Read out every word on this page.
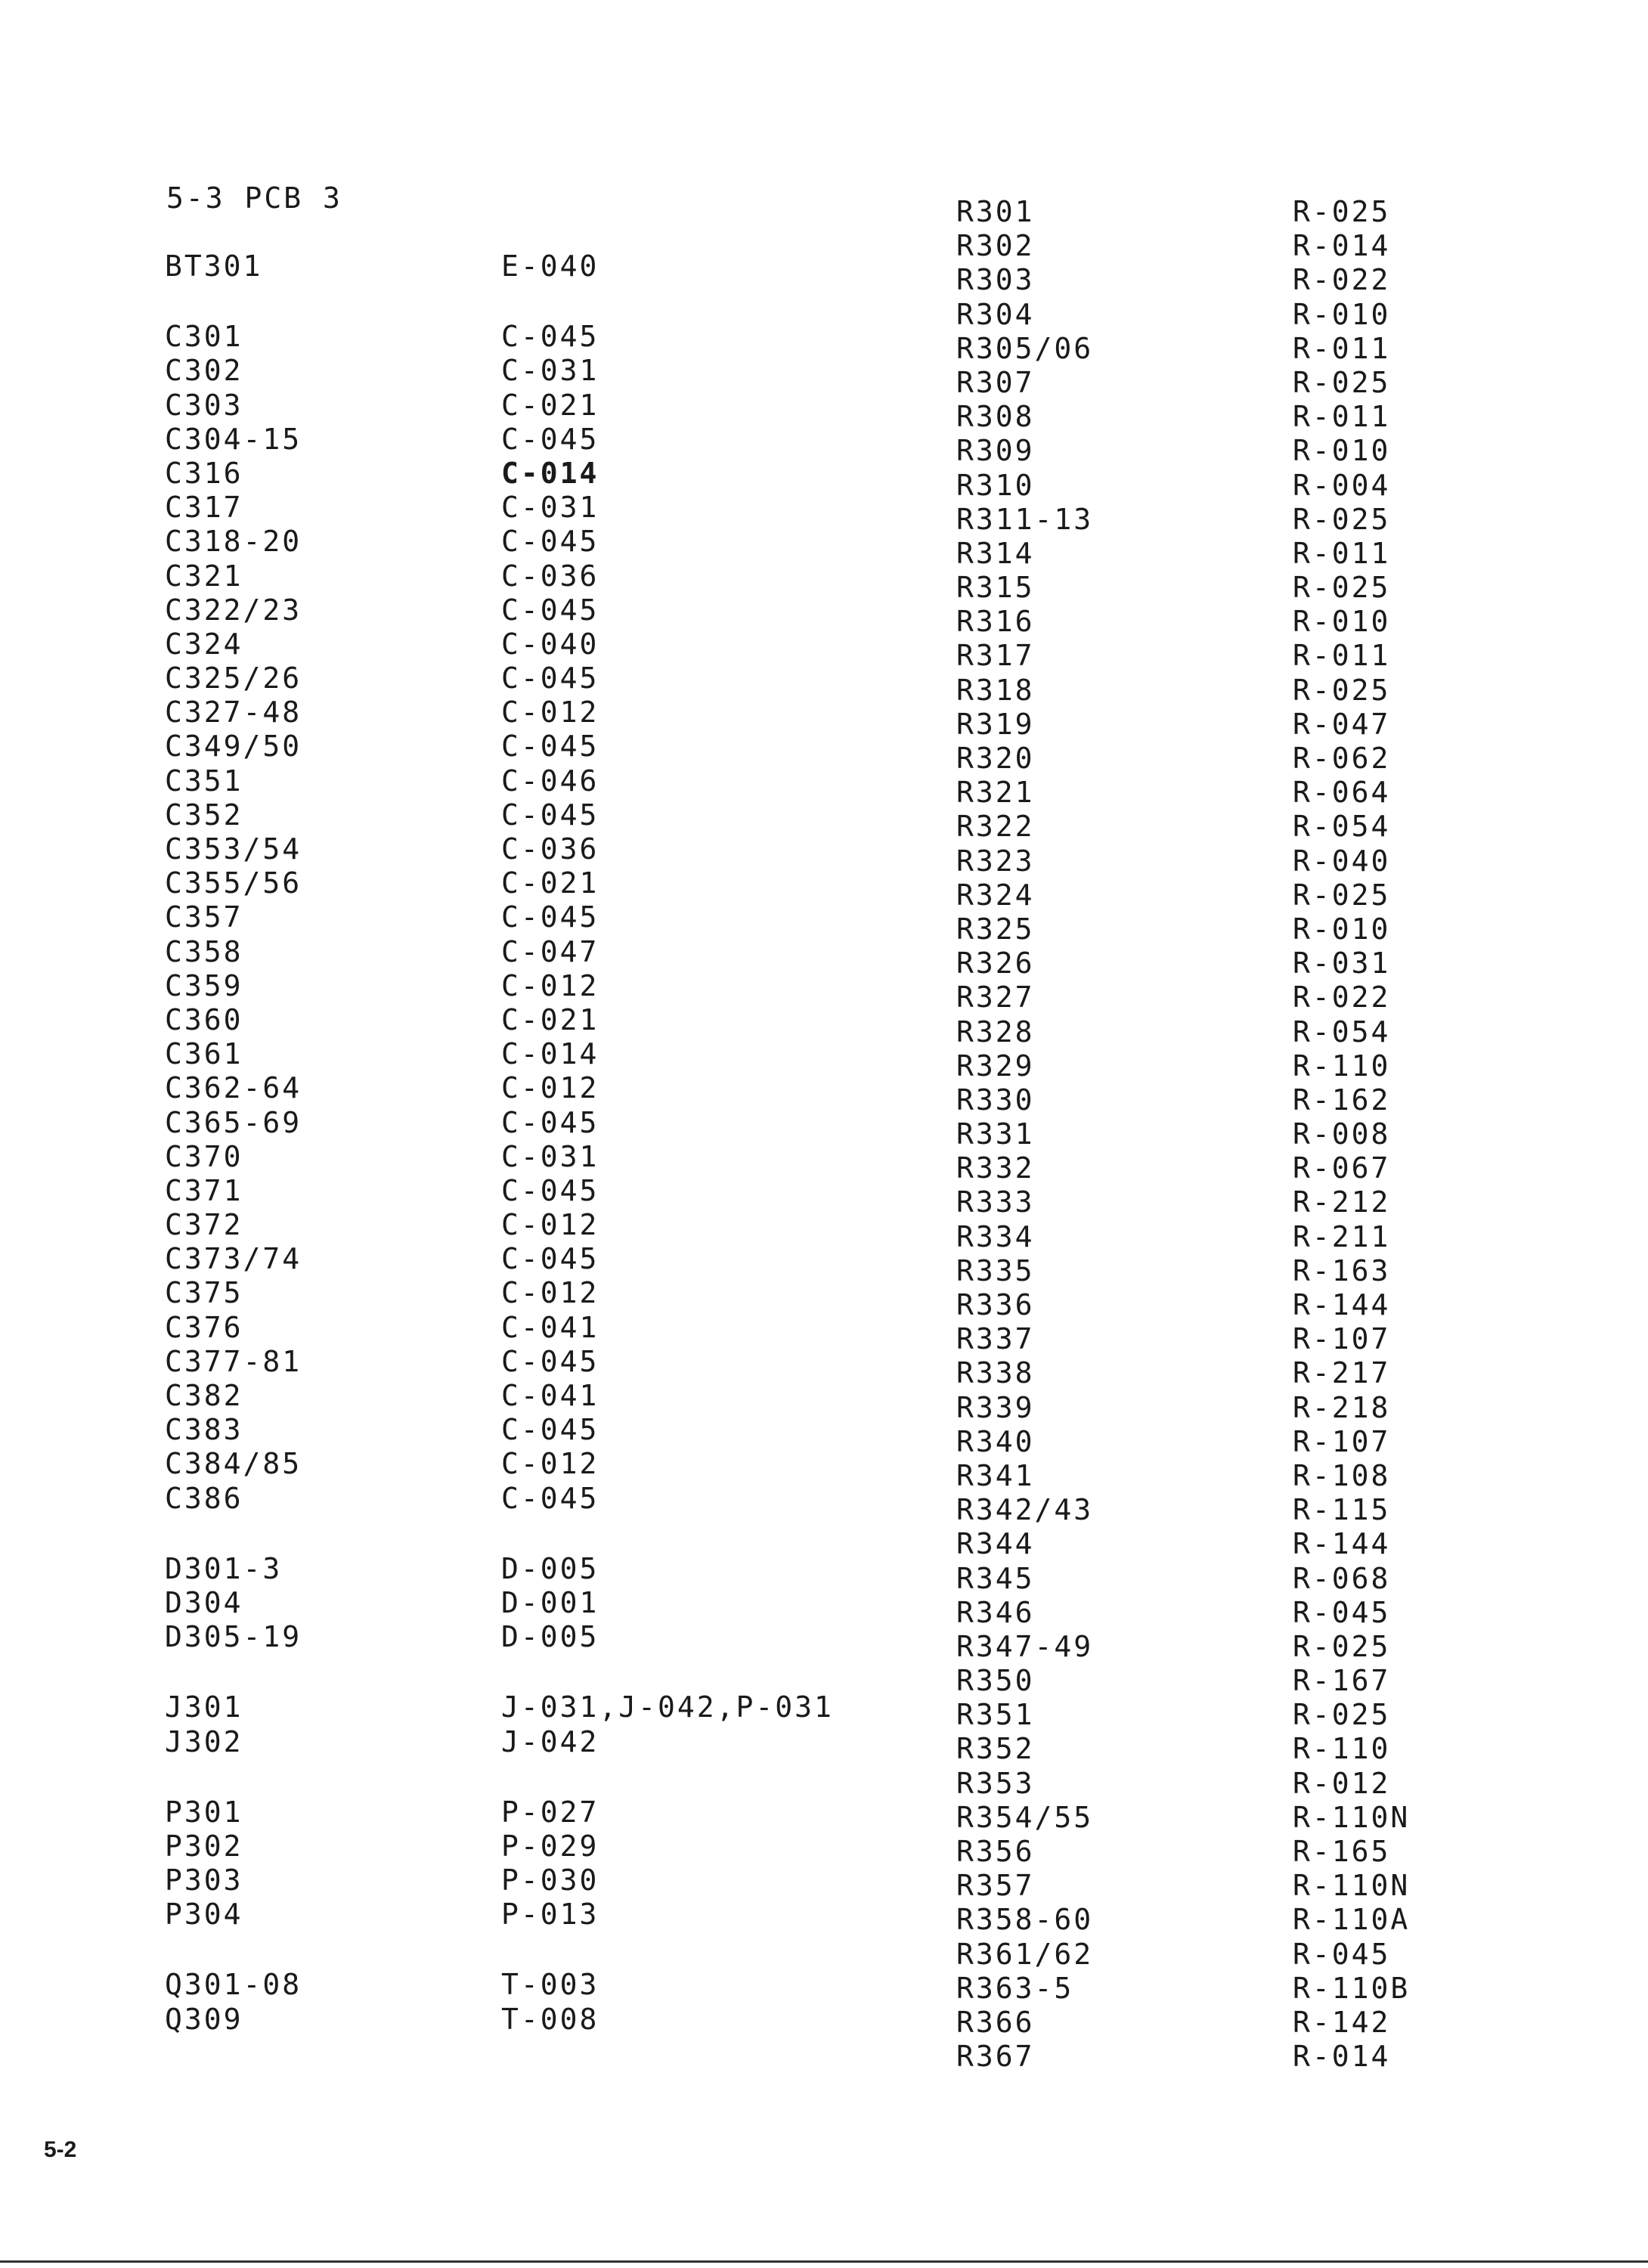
5-3 PCB 3
BT301	E-040
C301	C-045
C302	C-031
C303	C-021
C304-15	C-045
C316	C-014
C317	C-031
C318-20	C-045
C321	C-036
C322/23	C-045
C324	C-040
C325/26	C-045
C327-48	C-012
C349/50	C-045
C351	C-046
C352	C-045
C353/54	C-036
C355/56	C-021
C357	C-045
C358	C-047
C359	C-012
C360	C-021
C361	C-014
C362-64	C-012
C365-69	C-045
C370	C-031
C371	C-045
C372	C-012
C373/74	C-045
C375	C-012
C376	C-041
C377-81	C-045
C382	C-041
C383	C-045
C384/85	C-012
C386	C-045
D301-3	D-005
D304	D-001
D305-19	D-005
J301	J-031,J-042,P-031
J302	J-042
P301	P-027
P302	P-029
P303	P-030
P304	P-013
Q301-08	T-003
Q309	T-008
R301	R-025
R302	R-014
R303	R-022
R304	R-010
R305/06	R-011
R307	R-025
R308	R-011
R309	R-010
R310	R-004
R311-13	R-025
R314	R-011
R315	R-025
R316	R-010
R317	R-011
R318	R-025
R319	R-047
R320	R-062
R321	R-064
R322	R-054
R323	R-040
R324	R-025
R325	R-010
R326	R-031
R327	R-022
R328	R-054
R329	R-110
R330	R-162
R331	R-008
R332	R-067
R333	R-212
R334	R-211
R335	R-163
R336	R-144
R337	R-107
R338	R-217
R339	R-218
R340	R-107
R341	R-108
R342/43	R-115
R344	R-144
R345	R-068
R346	R-045
R347-49	R-025
R350	R-167
R351	R-025
R352	R-110
R353	R-012
R354/55	R-110N
R356	R-165
R357	R-110N
R358-60	R-110A
R361/62	R-045
R363-5	R-110B
R366	R-142
R367	R-014
5-2
